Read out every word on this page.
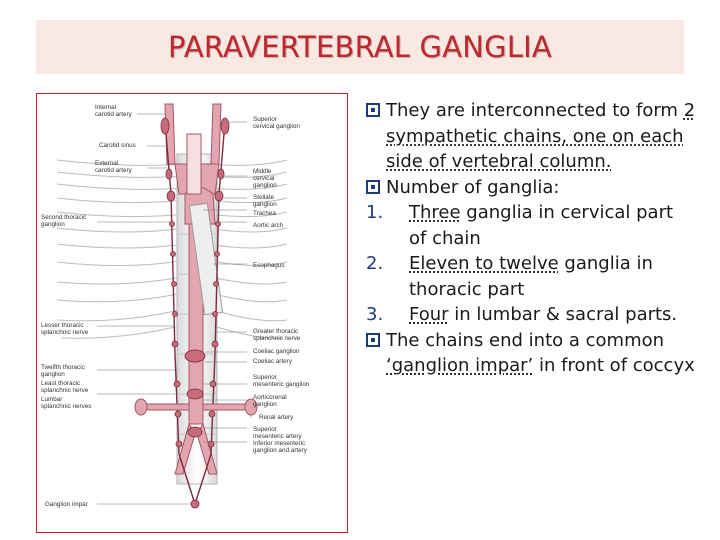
PARAVERTEBRAL GANGLIA
Internal
carotid artery
Superior
cervical ganglion
Carotid sinus
External
carotid artery	Middle
cervical
ganglion
Stellate
ganglion
Trachea
Aortic arch
Second thoracic
ganglion
Esophagus
Lesser thoracic
splanchnic nerve	Greater thoracic
splanchnic nerve
Coeliac ganglion
Coeliac artery
Twelfth thoracic
ganglion
Least thoracic
splanchnic nerve
Superior
mesenteric ganglion
Lumbar
splanchnic nerves
Aorticorenal
ganglion
Renal artery
Superior
mesenteric artery
Inferior mesenteric
ganglion and artery
Ganglion impar
They are interconnected to form 2 sympathetic chains, one on each side of vertebral column.
Number of ganglia:
1. Three ganglia in cervical part of chain
2. Eleven to twelve ganglia in thoracic part
3. Four in lumbar & sacral parts.
The chains end into a common ‘ganglion impar’ in front of coccyx
